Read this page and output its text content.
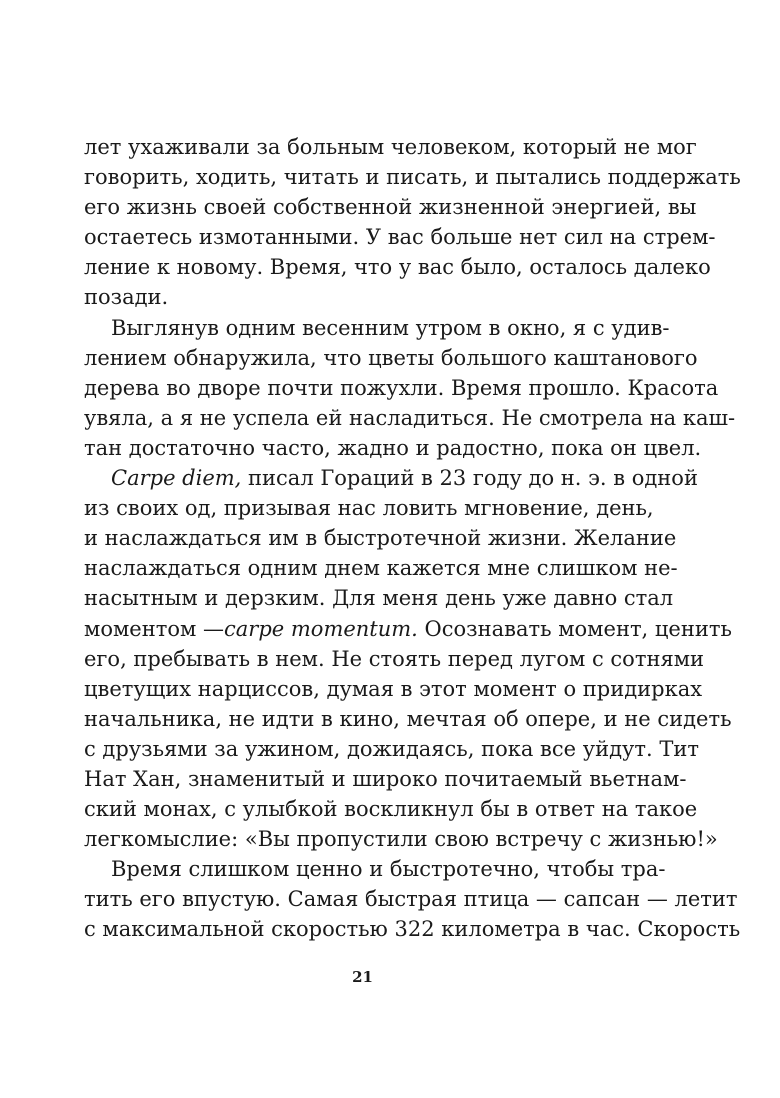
лет ухаживали за больным человеком, который не мог
говорить, ходить, читать и писать, и пытались поддержать
его жизнь своей собственной жизненной энергией, вы
остаетесь измотанными. У вас больше нет сил на стрем-
ление к новому. Время, что у вас было, осталось далеко
позади.
Выглянув одним весенним утром в окно, я с удив-
лением обнаружила, что цветы большого каштанового
дерева во дворе почти пожухли. Время прошло. Красота
увяла, а я не успела ей насладиться. Не смотрела на каш-
тан достаточно часто, жадно и радостно, пока он цвел.
Carpe diem, писал Гораций в 23 году до н. э. в одной
из своих од, призывая нас ловить мгновение, день,
и наслаждаться им в быстротечной жизни. Желание
наслаждаться одним днем кажется мне слишком не-
насытным и дерзким. Для меня день уже давно стал
моментом —carpe momentum. Осознавать момент, ценить
его, пребывать в нем. Не стоять перед лугом с сотнями
цветущих нарциссов, думая в этот момент о придирках
начальника, не идти в кино, мечтая об опере, и не сидеть
с друзьями за ужином, дожидаясь, пока все уйдут. Тит
Нат Хан, знаменитый и широко почитаемый вьетнам-
ский монах, с улыбкой воскликнул бы в ответ на такое
легкомыслие: «Вы пропустили свою встречу с жизнью!»
Время слишком ценно и быстротечно, чтобы тра-
тить его впустую. Самая быстрая птица — сапсан — летит
с максимальной скоростью 322 километра в час. Скорость
21
